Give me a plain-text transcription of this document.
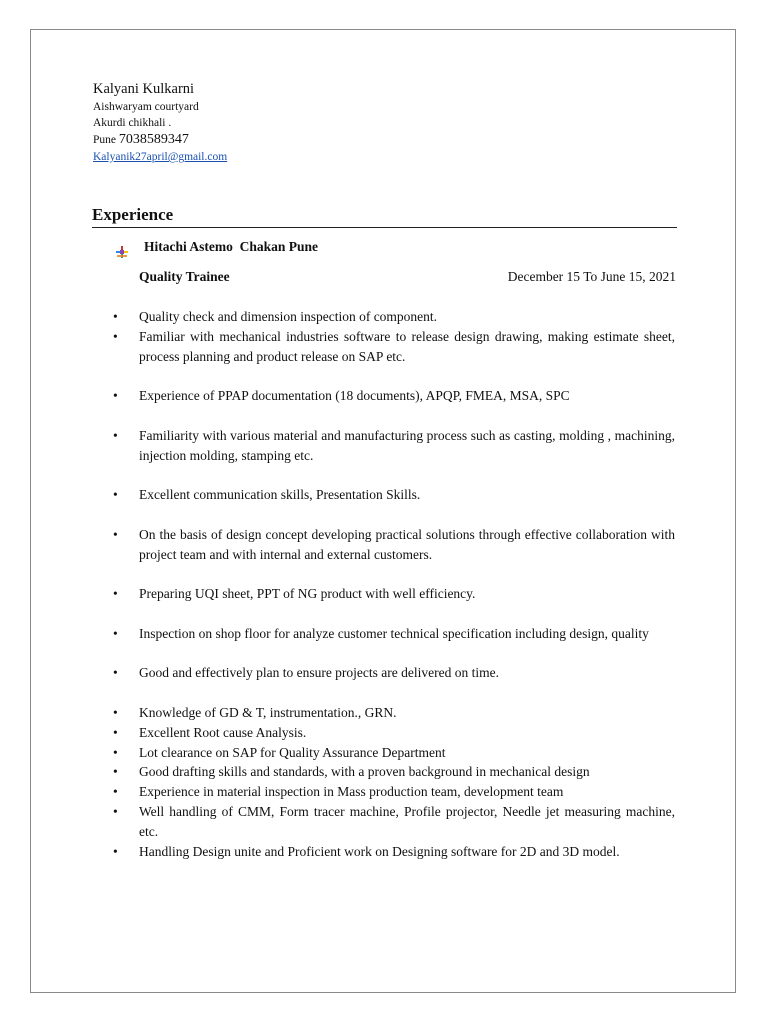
Kalyani Kulkarni
Aishwaryam courtyard
Akurdi chikhali .
Pune 7038589347
Kalyanik27april@gmail.com
Experience
Hitachi Astemo  Chakan Pune
Quality Trainee	December 15 To June 15, 2021
• Quality check and dimension inspection of component.
• Familiar with mechanical industries software to release design drawing, making estimate sheet, process planning and product release on SAP etc.
• Experience of PPAP documentation (18 documents), APQP, FMEA, MSA, SPC
• Familiarity with various material and manufacturing process such as casting, molding , machining, injection molding, stamping etc.
• Excellent communication skills, Presentation Skills.
• On the basis of design concept developing practical solutions through effective collaboration with project team and with internal and external customers.
• Preparing UQI sheet, PPT of NG product with well efficiency.
• Inspection on shop floor for analyze customer technical specification including design, quality
• Good and effectively plan to ensure projects are delivered on time.
• Knowledge of GD & T, instrumentation., GRN.
• Excellent Root cause Analysis.
• Lot clearance on SAP for Quality Assurance Department
• Good drafting skills and standards, with a proven background in mechanical design
• Experience in material inspection in Mass production team, development team
• Well handling of CMM, Form tracer machine, Profile projector, Needle jet measuring machine, etc.
• Handling Design unite and Proficient work on Designing software for 2D and 3D model.
